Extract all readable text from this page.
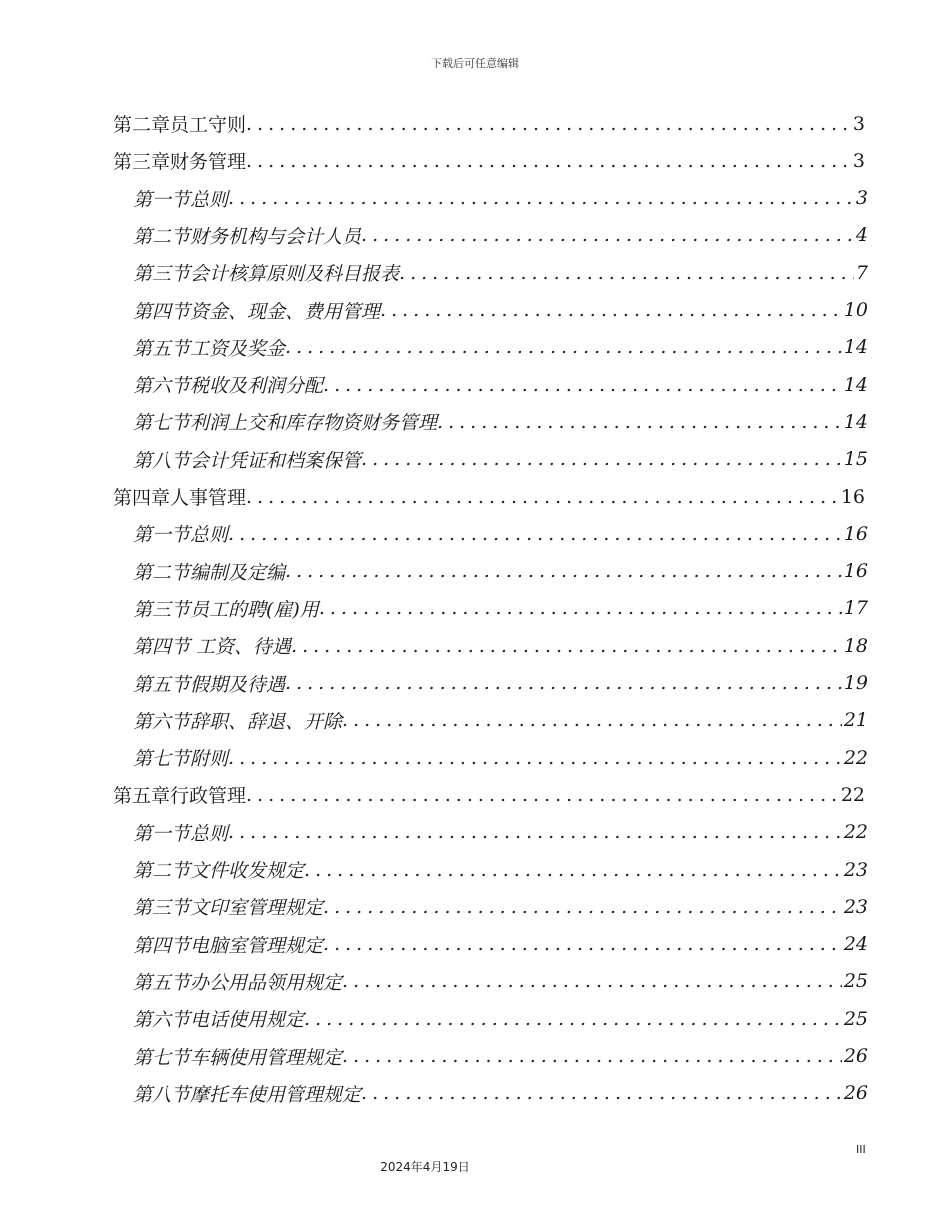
下载后可任意编辑
第二章 员工守则 .....	3
第三章 财务管理 .....	3
第一节 总则 .....	3
第二节 财务机构与会计人员 .....	4
第三节 会计核算原则及科目报表 .....	7
第四节 资金、现金、费用管理 .....	10
第五节 工资及奖金 .....	14
第六节 税收及利润分配 .....	14
第七节 利润上交和库存物资财务管理 .....	14
第八节 会计凭证和档案保管 .....	15
第四章 人事管理 .....	16
第一节 总则 .....	16
第二节 编制及定编 .....	16
第三节 员工的聘(雇)用 .....	17
第四节 工资、待遇 .....	18
第五节 假期及待遇 .....	19
第六节 辞职、辞退、开除 .....	21
第七节 附则 .....	22
第五章 行政管理 .....	22
第一节 总则 .....	22
第二节 文件收发规定 .....	23
第三节 文印室管理规定 .....	23
第四节 电脑室管理规定 .....	24
第五节 办公用品领用规定 .....	25
第六节 电话使用规定 .....	25
第七节 车辆使用管理规定 .....	26
第八节 摩托车使用管理规定 .....	26
III
2024年4月19日
